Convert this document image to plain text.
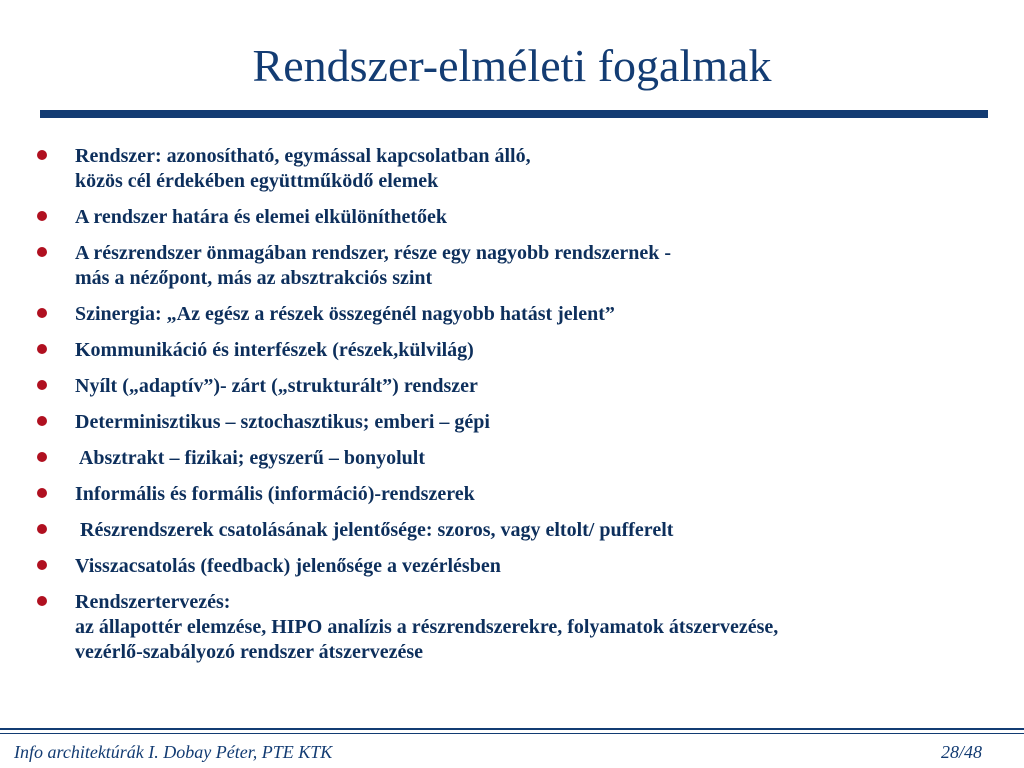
Rendszer-elméleti fogalmak
Rendszer: azonosítható, egymással kapcsolatban álló,
közös cél érdekében együttműködő elemek
A rendszer határa és elemei elkülöníthetőek
A részrendszer önmagában rendszer, része egy nagyobb rendszernek -
más a nézőpont, más az absztrakciós szint
Szinergia: „Az egész a részek összegénél nagyobb hatást jelent”
Kommunikáció és interfészek (részek,külvilág)
Nyílt („adaptív”)- zárt („strukturált”) rendszer
Determinisztikus – sztochasztikus; emberi – gépi
Absztrakt – fizikai; egyszerű – bonyolult
Informális és formális (információ)-rendszerek
Részrendszerek csatolásának jelentősége: szoros, vagy eltolt/ pufferelt
Visszacsatolás (feedback) jelenősége a vezérlésben
Rendszertervezés:
az állapottér elemzése, HIPO analízis a részrendszerekre, folyamatok átszervezése,
vezérlő-szabályozó rendszer átszervezése
Info architektúrák I. Dobay Péter, PTE KTK	28/48
